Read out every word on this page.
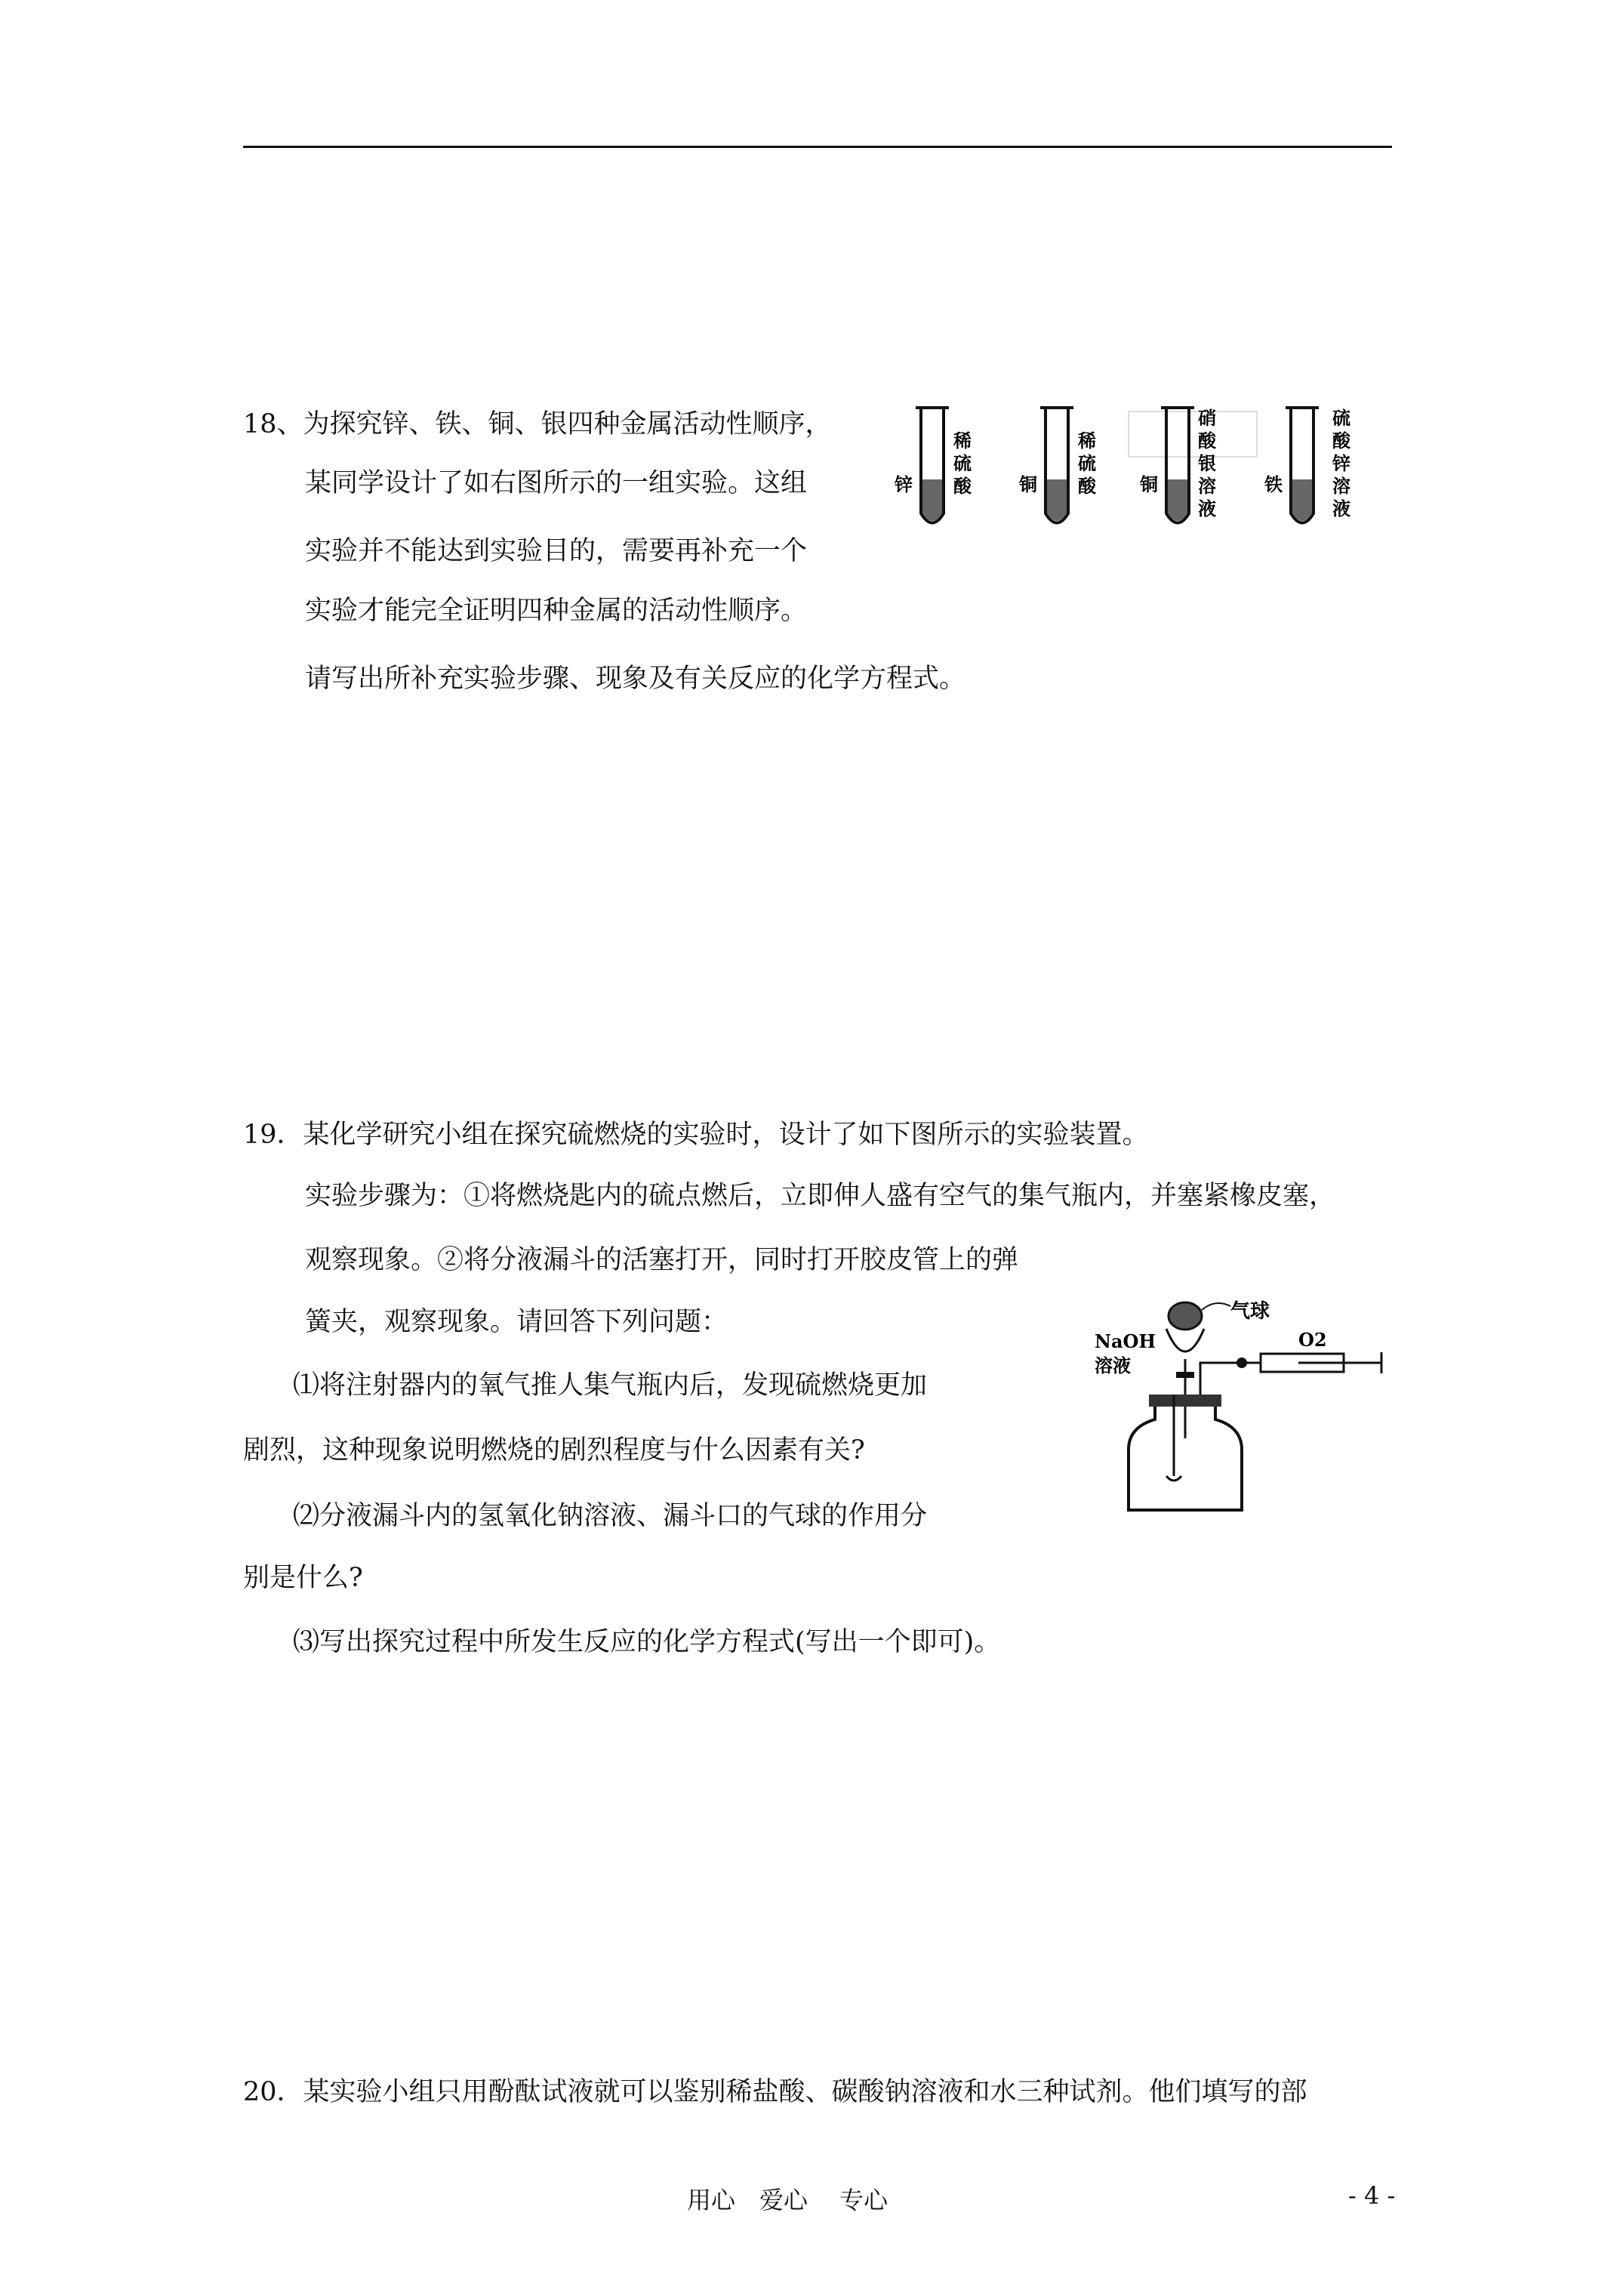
18、为探究锌、铁、铜、银四种金属活动性顺序，
某同学设计了如右图所示的一组实验。这组
实验并不能达到实验目的，需要再补充一个
实验才能完全证明四种金属的活动性顺序。
请写出所补充实验步骤、现象及有关反应的化学方程式。
锌
稀
硫
酸	铜
稀
硫
酸 铜
硝
酸
银
溶
液
铁
硫
酸
锌
溶
液
19．某化学研究小组在探究硫燃烧的实验时，设计了如下图所示的实验装置。
实验步骤为：①将燃烧匙内的硫点燃后，立即伸人盛有空气的集气瓶内，并塞紧橡皮塞，
观察现象。②将分液漏斗的活塞打开，同时打开胶皮管上的弹
簧夹，观察现象。请回答下列问题：
⑴将注射器内的氧气推人集气瓶内后，发现硫燃烧更加
剧烈，这种现象说明燃烧的剧烈程度与什么因素有关?
⑵分液漏斗内的氢氧化钠溶液、漏斗口的气球的作用分
别是什么?
⑶写出探究过程中所发生反应的化学方程式(写出一个即可)。
气球
NaOH
溶液
O2
20．某实验小组只用酚酞试液就可以鉴别稀盐酸、碳酸钠溶液和水三种试剂。他们填写的部
用心　爱心　 专心	- 4 -
